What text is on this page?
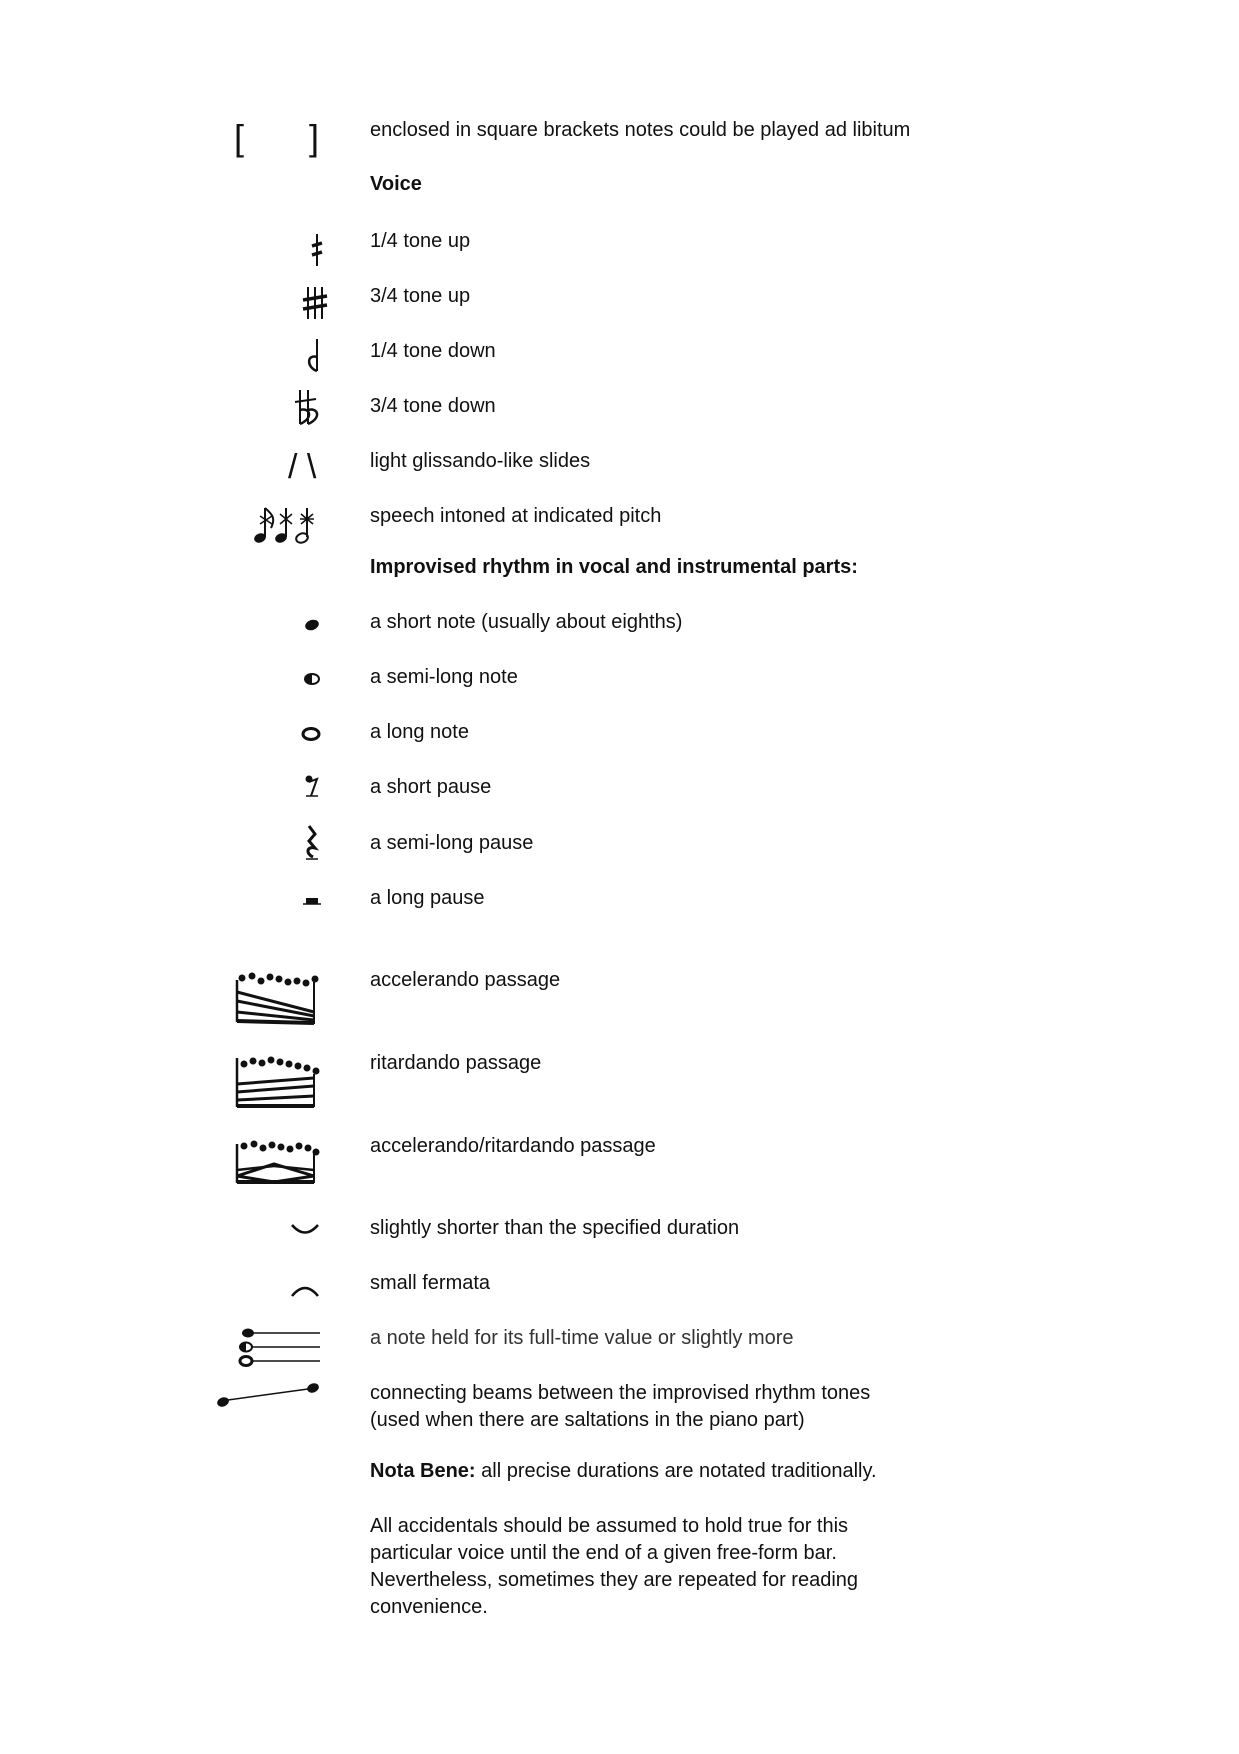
[ ]	enclosed in square brackets notes could be played ad libitum
Voice
1/4 tone up
3/4 tone up
1/4 tone down
3/4 tone down
/ \	light glissando-like slides
speech intoned at indicated pitch
Improvised rhythm in vocal and instrumental parts:
a short note (usually about eighths)
a semi-long note
a long note
a short pause
a semi-long pause
a long pause
accelerando passage
ritardando passage
accelerando/ritardando passage
slightly shorter than the specified duration
small fermata
a note held for its full-time value or slightly more
connecting beams between the improvised rhythm tones
(used when there are saltations in the piano part)
Nota Bene: all precise durations are notated traditionally.
All accidentals should be assumed to hold true for this particular voice until the end of a given free-form bar. Nevertheless, sometimes they are repeated for reading convenience.
